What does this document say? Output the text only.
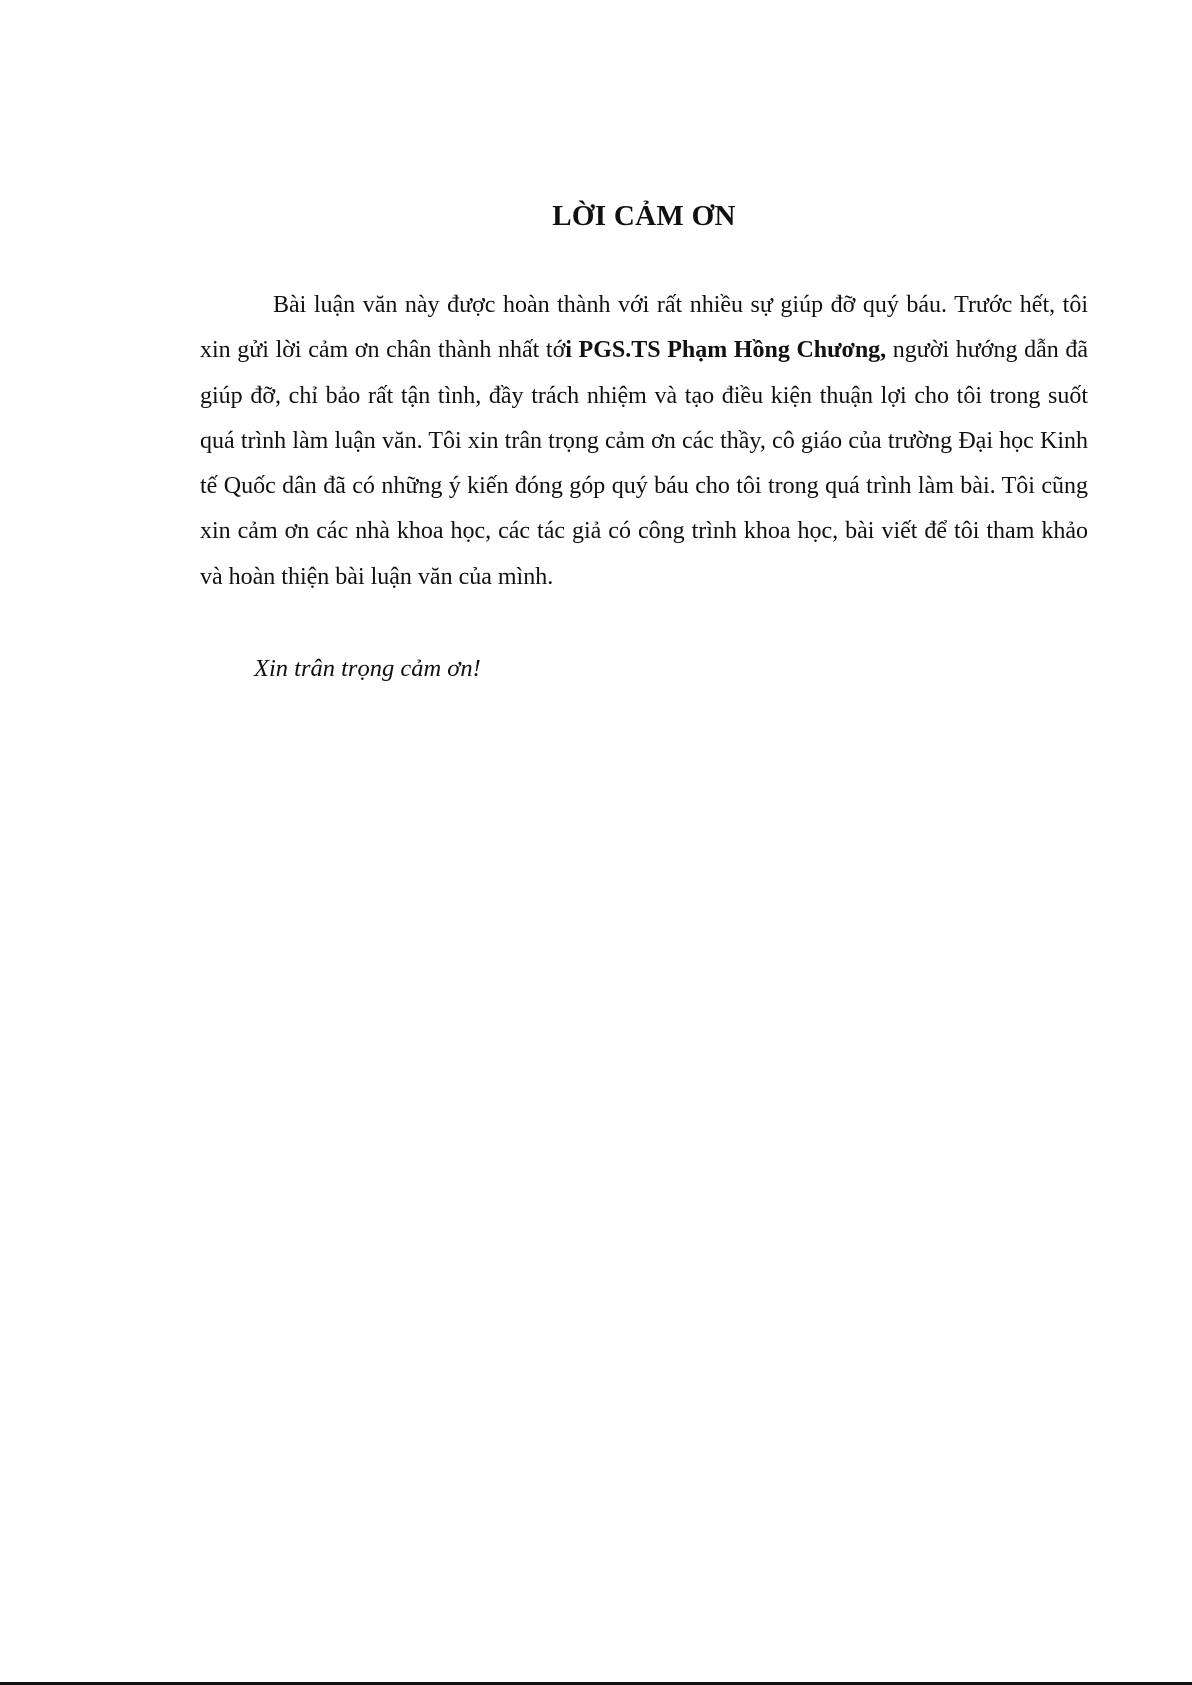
LỜI CẢM ƠN

Bài luận văn này được hoàn thành với rất nhiều sự giúp đỡ quý báu. Trước hết, tôi xin gửi lời cảm ơn chân thành nhất tới PGS.TS Phạm Hồng Chương, người hướng dẫn đã giúp đỡ, chỉ bảo rất tận tình, đầy trách nhiệm và tạo điều kiện thuận lợi cho tôi trong suốt quá trình làm luận văn. Tôi xin trân trọng cảm ơn các thầy, cô giáo của trường Đại học Kinh tế Quốc dân đã có những ý kiến đóng góp quý báu cho tôi trong quá trình làm bài. Tôi cũng xin cảm ơn các nhà khoa học, các tác giả có công trình khoa học, bài viết để tôi tham khảo và hoàn thiện bài luận văn của mình.

Xin trân trọng cảm ơn!
